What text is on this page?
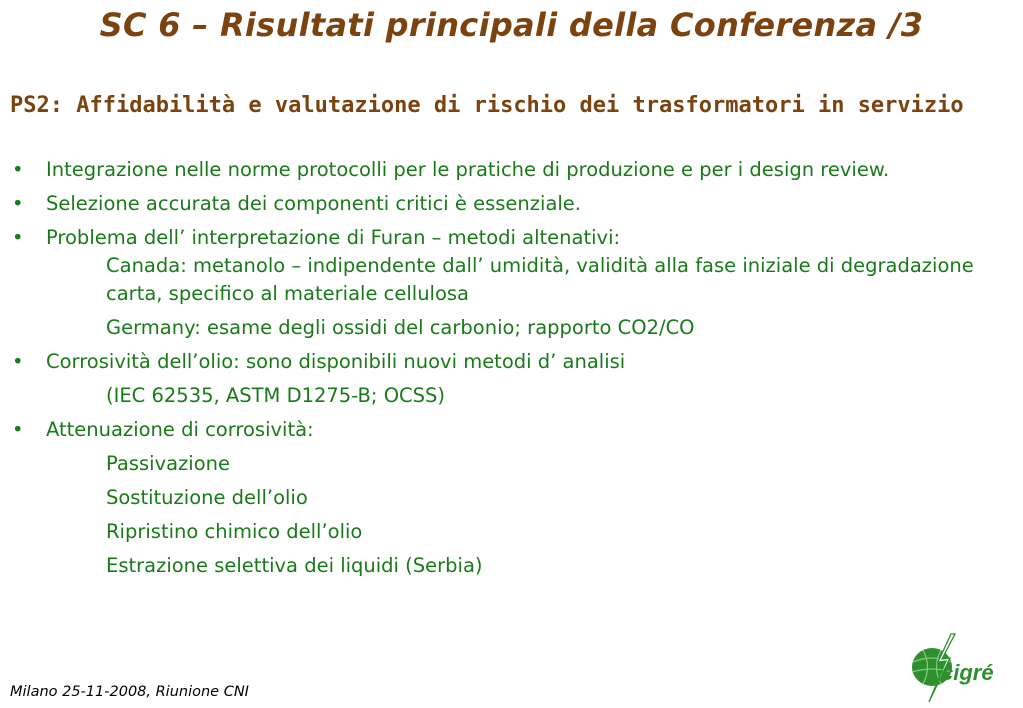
SC 6 – Risultati principali della Conferenza /3
PS2: Affidabilità e valutazione di rischio dei trasformatori in servizio
• Integrazione nelle norme protocolli per le pratiche di produzione e per i design review.
• Selezione accurata dei componenti critici è essenziale.
• Problema dell’ interpretazione di Furan – metodi altenativi:
Canada: metanolo – indipendente dall’ umidità, validità alla fase iniziale di degradazione carta, specifico al materiale cellulosa
Germany: esame degli ossidi del carbonio; rapporto CO2/CO
• Corrosività dell’olio: sono disponibili nuovi metodi d’ analisi
(IEC 62535, ASTM D1275-B; OCSS)
• Attenuazione di corrosività:
Passivazione
Sostituzione dell’olio
Ripristino chimico dell’olio
Estrazione selettiva dei liquidi (Serbia)
Milano 25-11-2008, Riunione CNI
cigré
